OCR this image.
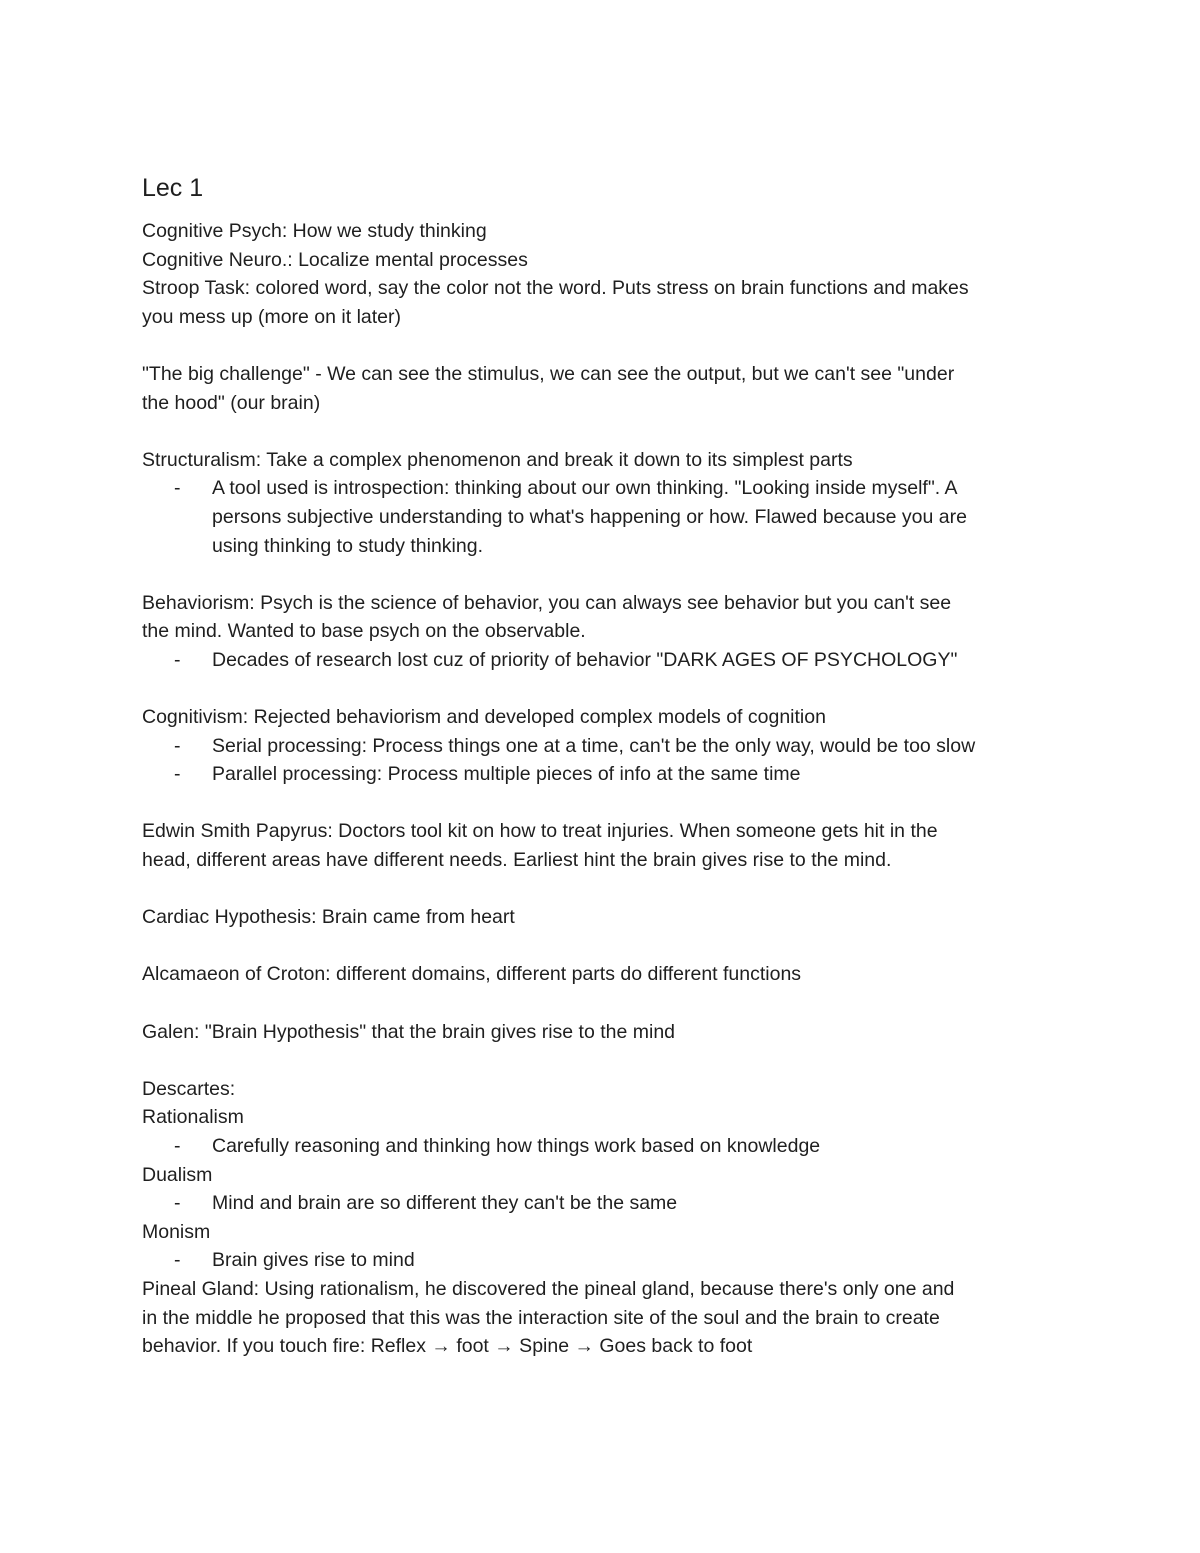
Lec 1

Cognitive Psych: How we study thinking

Cognitive Neuro.: Localize mental processes

Stroop Task: colored word, say the color not the word. Puts stress on brain functions and makes

you mess up (more on it later)

"The big challenge" - We can see the stimulus, we can see the output, but we can't see "under

the hood" (our brain)

Structuralism: Take a complex phenomenon and break it down to its simplest parts

- A tool used is introspection: thinking about our own thinking. "Looking inside myself". A

persons subjective understanding to what's happening or how. Flawed because you are

using thinking to study thinking.

Behaviorism: Psych is the science of behavior, you can always see behavior but you can't see

the mind. Wanted to base psych on the observable.

- Decades of research lost cuz of priority of behavior "DARK AGES OF PSYCHOLOGY"

Cognitivism: Rejected behaviorism and developed complex models of cognition

- Serial processing: Process things one at a time, can't be the only way, would be too slow

- Parallel processing: Process multiple pieces of info at the same time

Edwin Smith Papyrus: Doctors tool kit on how to treat injuries. When someone gets hit in the

head, different areas have different needs. Earliest hint the brain gives rise to the mind.

Cardiac Hypothesis: Brain came from heart

Alcamaeon of Croton: different domains, different parts do different functions

Galen: "Brain Hypothesis" that the brain gives rise to the mind

Descartes:

Rationalism

- Carefully reasoning and thinking how things work based on knowledge

Dualism

- Mind and brain are so different they can't be the same

Monism

- Brain gives rise to mind

Pineal Gland: Using rationalism, he discovered the pineal gland, because there's only one and

in the middle he proposed that this was the interaction site of the soul and the brain to create

behavior. If you touch fire: Reflex → foot → Spine → Goes back to foot
